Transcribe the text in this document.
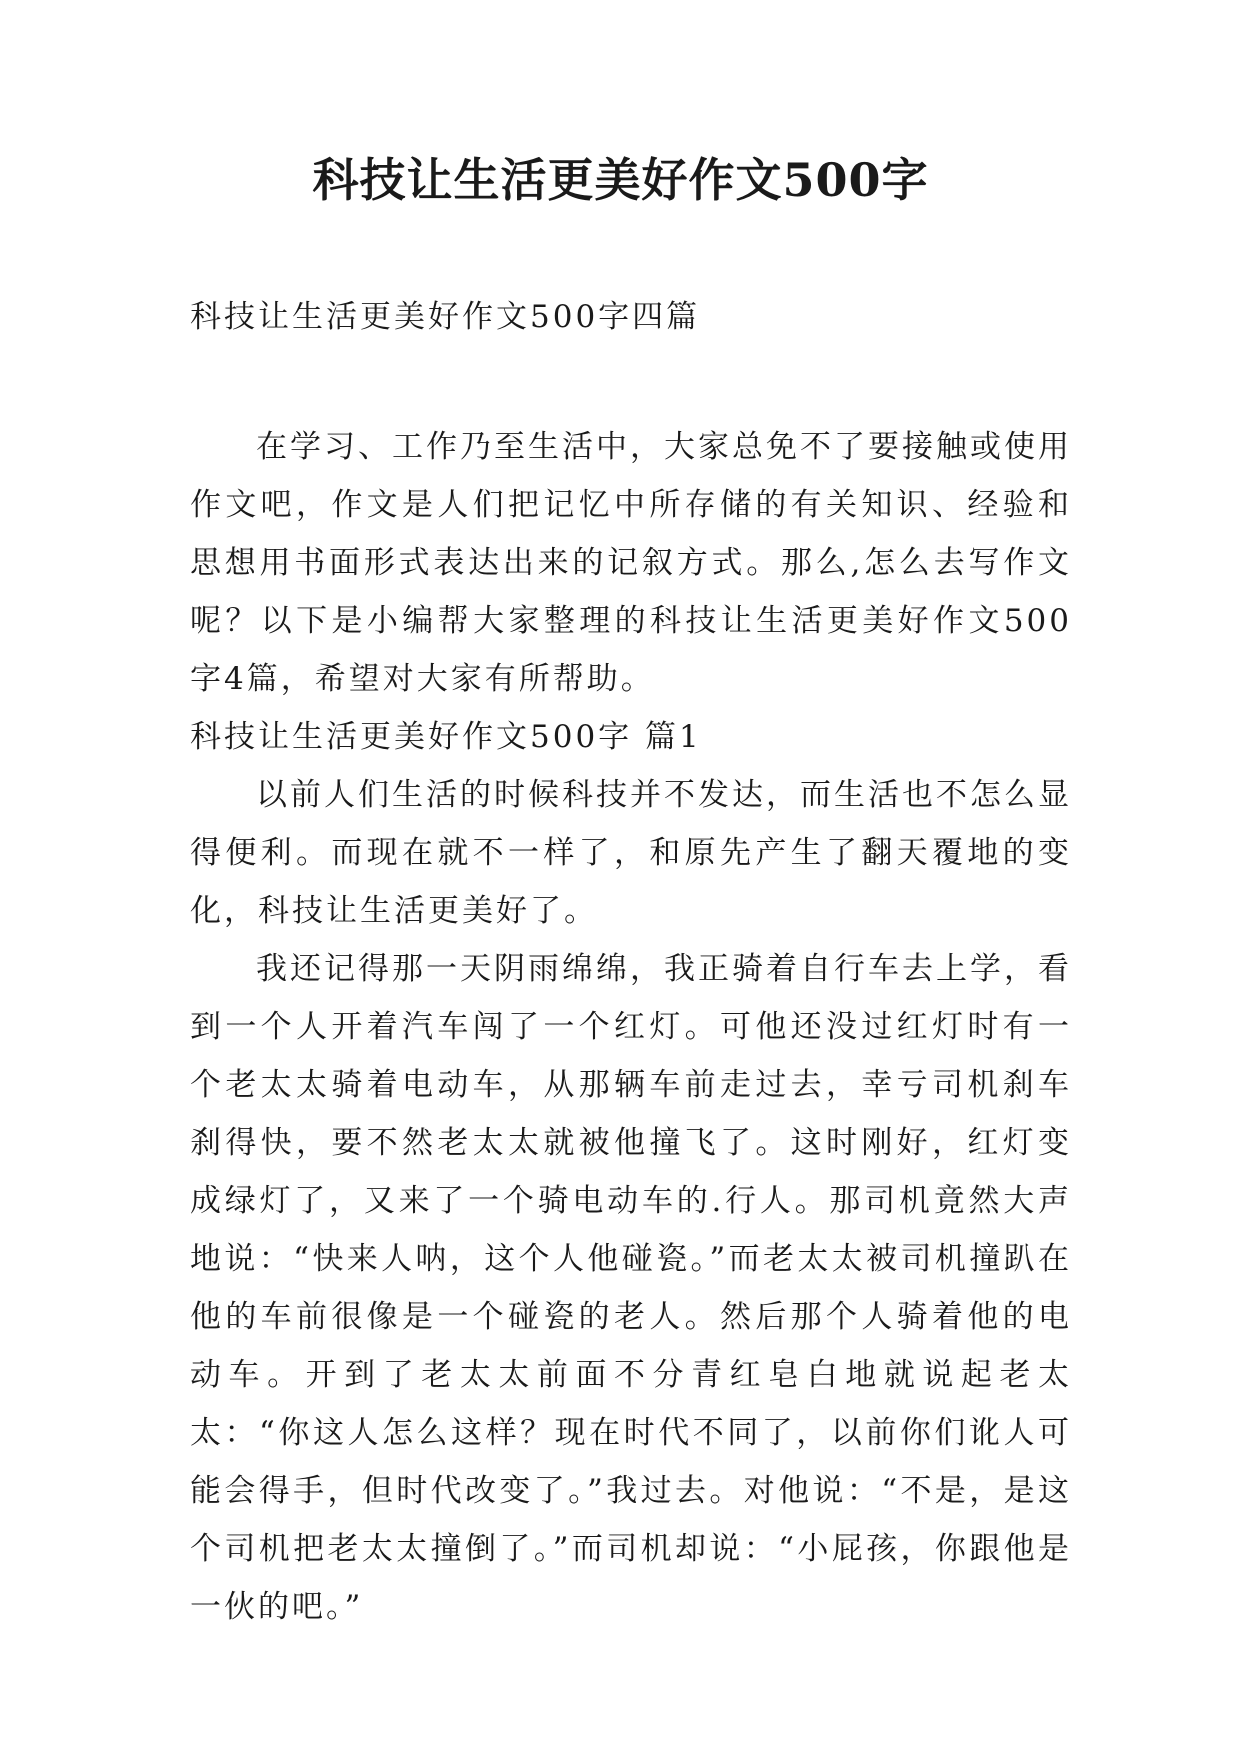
科技让生活更美好作文500字
科技让生活更美好作文500字四篇

在学习、工作乃至生活中，大家总免不了要接触或使用作文吧，作文是人们把记忆中所存储的有关知识、经验和思想用书面形式表达出来的记叙方式。那么,怎么去写作文呢？以下是小编帮大家整理的科技让生活更美好作文500字4篇，希望对大家有所帮助。

科技让生活更美好作文500字 篇1

以前人们生活的时候科技并不发达，而生活也不怎么显得便利。而现在就不一样了，和原先产生了翻天覆地的变化，科技让生活更美好了。

我还记得那一天阴雨绵绵，我正骑着自行车去上学，看到一个人开着汽车闯了一个红灯。可他还没过红灯时有一个老太太骑着电动车，从那辆车前走过去，幸亏司机刹车刹得快，要不然老太太就被他撞飞了。这时刚好，红灯变成绿灯了，又来了一个骑电动车的.行人。那司机竟然大声地说：“快来人呐，这个人他碰瓷。”而老太太被司机撞趴在他的车前很像是一个碰瓷的老人。然后那个人骑着他的电动车。开到了老太太前面不分青红皂白地就说起老太太：“你这人怎么这样？现在时代不同了，以前你们讹人可能会得手，但时代改变了。”我过去。对他说：“不是，是这个司机把老太太撞倒了。”而司机却说：“小屁孩，你跟他是一伙的吧。”
